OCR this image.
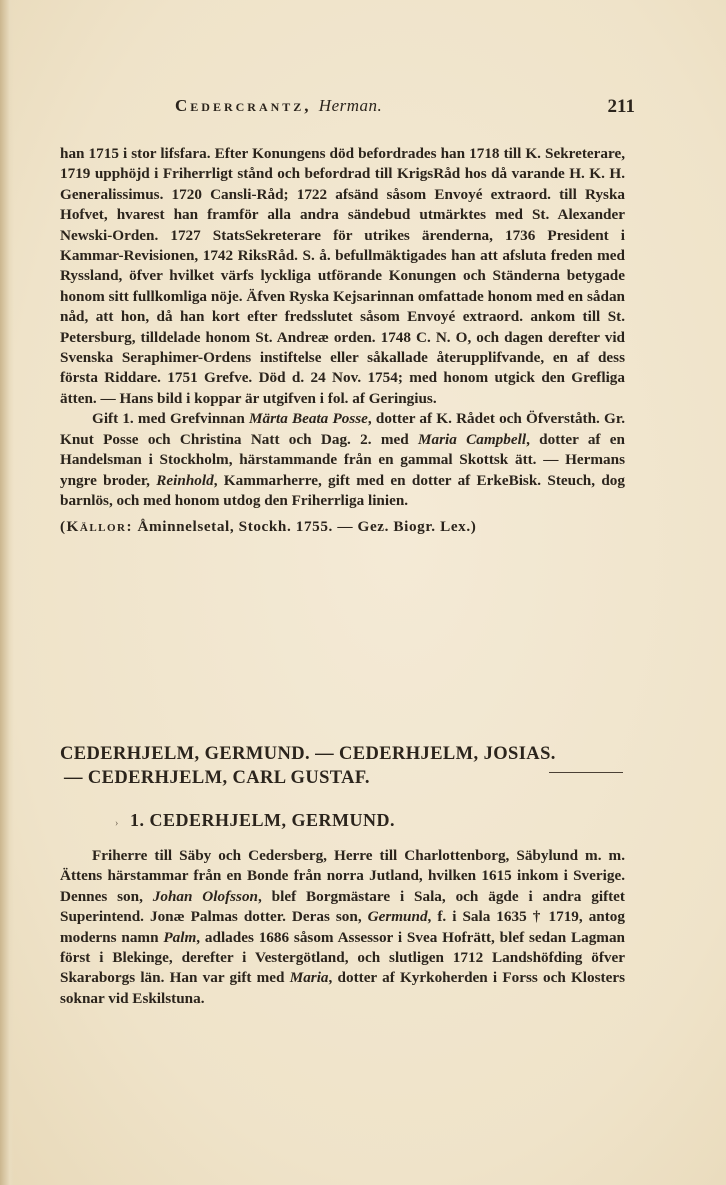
Cedercrantz, Herman.	211

han 1715 i stor lifsfara. Efter Konungens död befordrades han 1718 till K. Sekreterare, 1719 upphöjd i Friherrligt stånd och befordrad till KrigsRåd hos då varande H. K. H. Generalissimus. 1720 Cansli-Råd; 1722 afsänd såsom Envoyé extraord. till Ryska Hofvet, hvarest han framför alla andra sändebud utmärktes med St. Alexander Newski-Orden. 1727 StatsSekreterare för utrikes ärenderna, 1736 President i Kammar-Revisionen, 1742 RiksRåd. S. å. befullmäktigades han att afsluta freden med Ryssland, öfver hvilket värfs lyckliga utförande Konungen och Ständerna betygade honom sitt fullkomliga nöje. Äfven Ryska Kejsarinnan omfattade honom med en sådan nåd, att hon, då han kort efter fredsslutet såsom Envoyé extraord. ankom till St. Petersburg, tilldelade honom St. Andreæ orden. 1748 C. N. O, och dagen derefter vid Svenska Seraphimer-Ordens instiftelse eller såkallade återupplifvande, en af dess första Riddare. 1751 Grefve. Död d. 24 Nov. 1754; med honom utgick den Grefliga ätten. — Hans bild i koppar är utgifven i fol. af Geringius.

Gift 1. med Grefvinnan Märta Beata Posse, dotter af K. Rådet och Öfverståth. Gr. Knut Posse och Christina Natt och Dag. 2. med Maria Campbell, dotter af en Handelsman i Stockholm, härstammande från en gammal Skottsk ätt. — Hermans yngre broder, Reinhold, Kammarherre, gift med en dotter af ErkeBisk. Steuch, dog barnlös, och med honom utdog den Friherrliga linien.

(Källor: Åminnelsetal, Stockh. 1755. — Gez. Biogr. Lex.)

CEDERHJELM, GERMUND. — CEDERHJELM, JOSIAS.
— CEDERHJELM, CARL GUSTAF.
› 1. CEDERHJELM, GERMUND.

Friherre till Säby och Cedersberg, Herre till Charlottenborg, Säbylund m. m. Ättens härstammar från en Bonde från norra Jutland, hvilken 1615 inkom i Sverige. Dennes son, Johan Olofsson, blef Borgmästare i Sala, och ägde i andra giftet Superintend. Jonæ Palmas dotter. Deras son, Germund, f. i Sala 1635 † 1719, antog moderns namn Palm, adlades 1686 såsom Assessor i Svea Hofrätt, blef sedan Lagman först i Blekinge, derefter i Vestergötland, och slutligen 1712 Landshöfding öfver Skaraborgs län. Han var gift med Maria, dotter af Kyrkoherden i Forss och Klosters soknar vid Eskilstuna.
